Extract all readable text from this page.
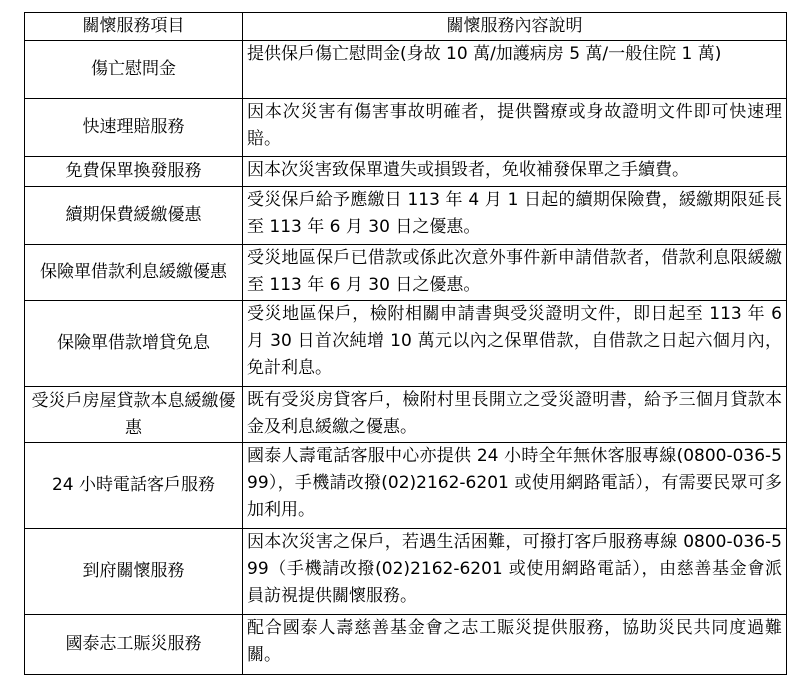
關懷服務項目	關懷服務內容說明
傷亡慰問金	提供保戶傷亡慰問金(身故 10 萬/加護病房 5 萬/一般住院 1 萬)
快速理賠服務	因本次災害有傷害事故明確者，提供醫療或身故證明文件即可快速理賠。
免費保單換發服務	因本次災害致保單遺失或損毀者，免收補發保單之手續費。
續期保費緩繳優惠	受災保戶給予應繳日 113 年 4 月 1 日起的續期保險費，緩繳期限延長至 113 年 6 月 30 日之優惠。
保險單借款利息緩繳優惠	受災地區保戶已借款或係此次意外事件新申請借款者，借款利息限緩繳至 113 年 6 月 30 日之優惠。
保險單借款增貸免息	受災地區保戶，檢附相關申請書與受災證明文件，即日起至 113 年 6 月 30 日首次純增 10 萬元以內之保單借款，自借款之日起六個月內，免計利息。
受災戶房屋貸款本息緩繳優惠	既有受災房貸客戶，檢附村里長開立之受災證明書，給予三個月貸款本金及利息緩繳之優惠。
24 小時電話客戶服務	國泰人壽電話客服中心亦提供 24 小時全年無休客服專線(0800-036-599），手機請改撥(02)2162-6201 或使用網路電話），有需要民眾可多加利用。
到府關懷服務	因本次災害之保戶，若遇生活困難，可撥打客戶服務專線 0800-036-599（手機請改撥(02)2162-6201 或使用網路電話），由慈善基金會派員訪視提供關懷服務。
國泰志工賑災服務	配合國泰人壽慈善基金會之志工賑災提供服務，協助災民共同度過難關。
